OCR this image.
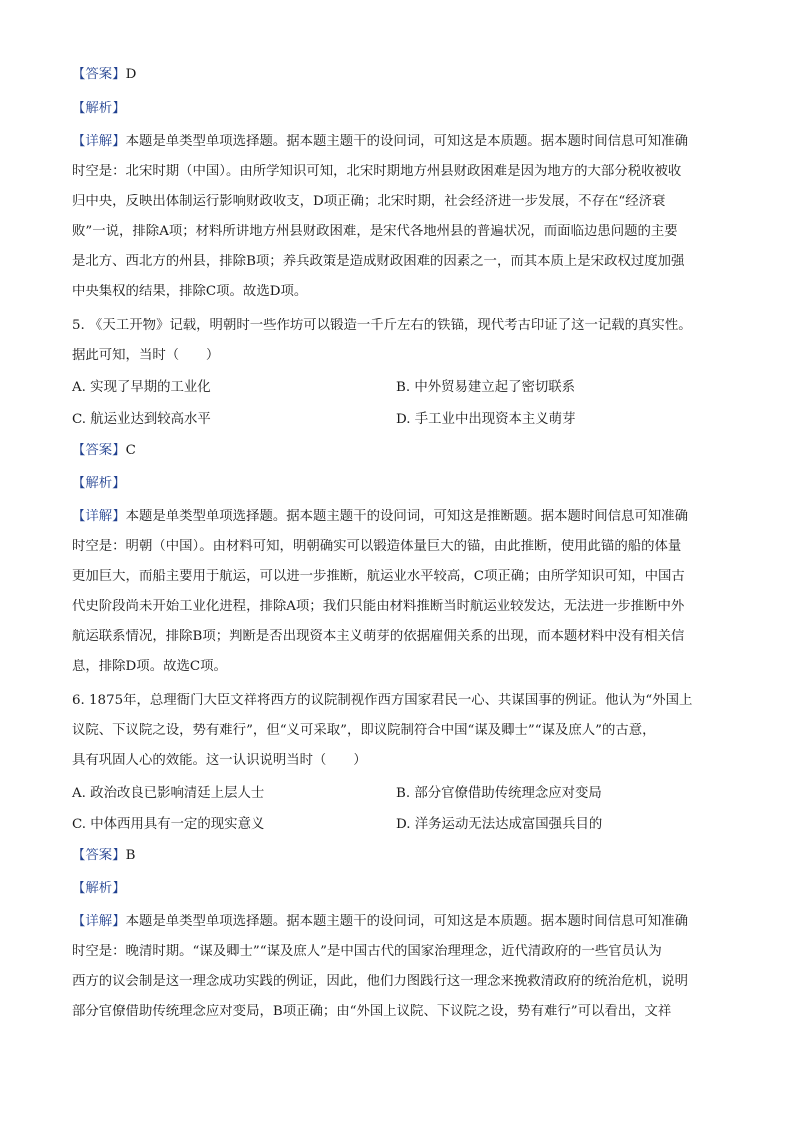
【答案】D
【解析】
【详解】本题是单类型单项选择题。据本题主题干的设问词，可知这是本质题。据本题时间信息可知准确
时空是：北宋时期（中国）。由所学知识可知，北宋时期地方州县财政困难是因为地方的大部分税收被收
归中央，反映出体制运行影响财政收支，D项正确；北宋时期，社会经济进一步发展，不存在“经济衰
败”一说，排除A项；材料所讲地方州县财政困难，是宋代各地州县的普遍状况，而面临边患问题的主要
是北方、西北方的州县，排除B项；养兵政策是造成财政困难的因素之一，而其本质上是宋政权过度加强
中央集权的结果，排除C项。故选D项。
5. 《天工开物》记载，明朝时一些作坊可以锻造一千斤左右的铁锚，现代考古印证了这一记载的真实性。
据此可知，当时（　　）
A. 实现了早期的工业化	B. 中外贸易建立起了密切联系
C. 航运业达到较高水平	D. 手工业中出现资本主义萌芽
【答案】C
【解析】
【详解】本题是单类型单项选择题。据本题主题干的设问词，可知这是推断题。据本题时间信息可知准确
时空是：明朝（中国）。由材料可知，明朝确实可以锻造体量巨大的锚，由此推断，使用此锚的船的体量
更加巨大，而船主要用于航运，可以进一步推断，航运业水平较高，C项正确；由所学知识可知，中国古
代史阶段尚未开始工业化进程，排除A项；我们只能由材料推断当时航运业较发达，无法进一步推断中外
航运联系情况，排除B项；判断是否出现资本主义萌芽的依据雇佣关系的出现，而本题材料中没有相关信
息，排除D项。故选C项。
6. 1875年，总理衙门大臣文祥将西方的议院制视作西方国家君民一心、共谋国事的例证。他认为“外国上
议院、下议院之设，势有难行”，但“义可采取”，即议院制符合中国“谋及卿士”“谋及庶人”的古意，
具有巩固人心的效能。这一认识说明当时（　　）
A. 政治改良已影响清廷上层人士	B. 部分官僚借助传统理念应对变局
C. 中体西用具有一定的现实意义	D. 洋务运动无法达成富国强兵目的
【答案】B
【解析】
【详解】本题是单类型单项选择题。据本题主题干的设问词，可知这是本质题。据本题时间信息可知准确
时空是：晚清时期。“谋及卿士”“谋及庶人”是中国古代的国家治理理念，近代清政府的一些官员认为
西方的议会制是这一理念成功实践的例证，因此，他们力图践行这一理念来挽救清政府的统治危机，说明
部分官僚借助传统理念应对变局，B项正确；由“外国上议院、下议院之设，势有难行”可以看出，文祥
